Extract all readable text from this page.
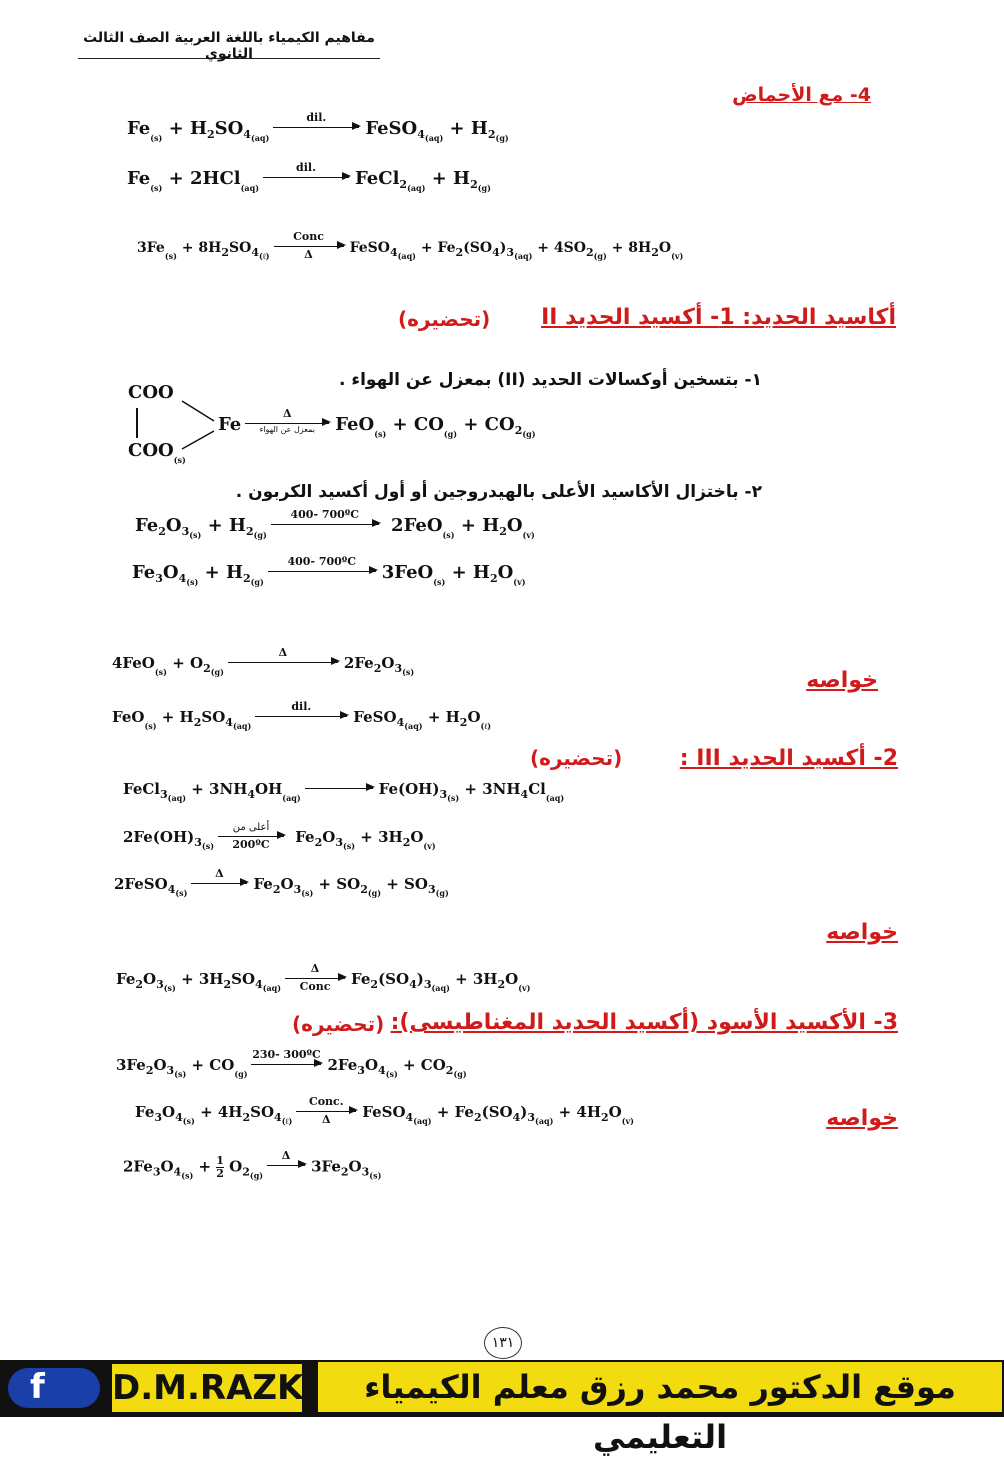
مفاهيم الكيمياء باللغة العربية الصف الثالث الثانوي
4- مع الأحماض
$Fe_{(s)} + H_2SO_{4(aq)}$
dil.
FeSO$_{4(aq)}$ + $H_{2(g)}$
$Fe_{(s)} + 2HCl_{(aq)}$
dil.
FeCl$_{2(aq)}$ + $H_{2(g)}$
$3Fe_{(s)} + 8H_2SO_{4(\ell)}$
Conc
Δ	FeSO$_{4(aq)}$ + $Fe_2(SO_4)_{3(aq)} + 4SO_{2(g)} + 8H_2O_{(v)}$
أكاسيد الحديد: 1- أكسيد الحديد II
(تحضيره)
١- بتسخين أوكسالات الحديد (II) بمعزل عن الهواء .
COO
$COO_{(s)}$
Fe
Δ
بمعزل عن الهواء	$FeO_{(s)} + CO_{(g)} + CO_{2(g)}$
٢- باختزال الأكاسيد الأعلى بالهيدروجين أو أول أكسيد الكربون .
$Fe_2O_{3(s)} + H_{2(g)}$
400- 700ºC
$2FeO_{(s)} + H_2O_{(v)}$
$Fe_3O_{4(s)} + H_{2(g)}$
400- 700ºC
$3FeO_{(s)} + H_2O_{(v)}$
$4FeO_{(s)} + O_{2(g)}$
Δ
$2Fe_2O_{3(s)}$	خواصه
$FeO_{(s)} + H_2SO_{4(aq)}$
dil.
FeSO$_{4(aq)}$ + $H_2O_{(\ell)}$
2- أكسيد الحديد III :
(تحضيره)
FeCl$_{3(aq)}$ + $3NH_4OH_{(aq)}$	$Fe(OH)_{3(s)} + 3NH_4Cl_{(aq)}$
$2Fe(OH)_{3(s)}$
أعلى من
200ºC	$Fe_2O_{3(s)} + 3H_2O_{(v)}$
2FeSO$_{4(s)}$
Δ
$Fe_2O_{3(s)} + SO_{2(g)} + SO_{3(g)}$
خواصه
$Fe_2O_{3(s)} + 3H_2SO_{4(aq)}$
Δ
Conc	$Fe_2(SO_4)_{3(aq)} + 3H_2O_{(v)}$
3- الأكسيد الأسود (أكسيد الحديد المغناطيسى):
(تحضيره)
$3Fe_2O_{3(s)} + CO_{(g)}$
230- 300ºC
$2Fe_3O_{4(s)} + CO_{2(g)}$
$Fe_3O_{4(s)} + 4H_2SO_{4(\ell)}$
Conc.
Δ	FeSO$_{4(aq)}$ + $Fe_2(SO_4)_{3(aq)} + 4H_2O_{(v)}$	خواصه
$2Fe_3O_{4(s)} + \frac{1}{2} O_{2(g)}$
Δ
$3Fe_2O_{3(s)}$
١٣١
f D.M.RAZK	موقع الدكتور محمد رزق معلم الكيمياء التعليمي
